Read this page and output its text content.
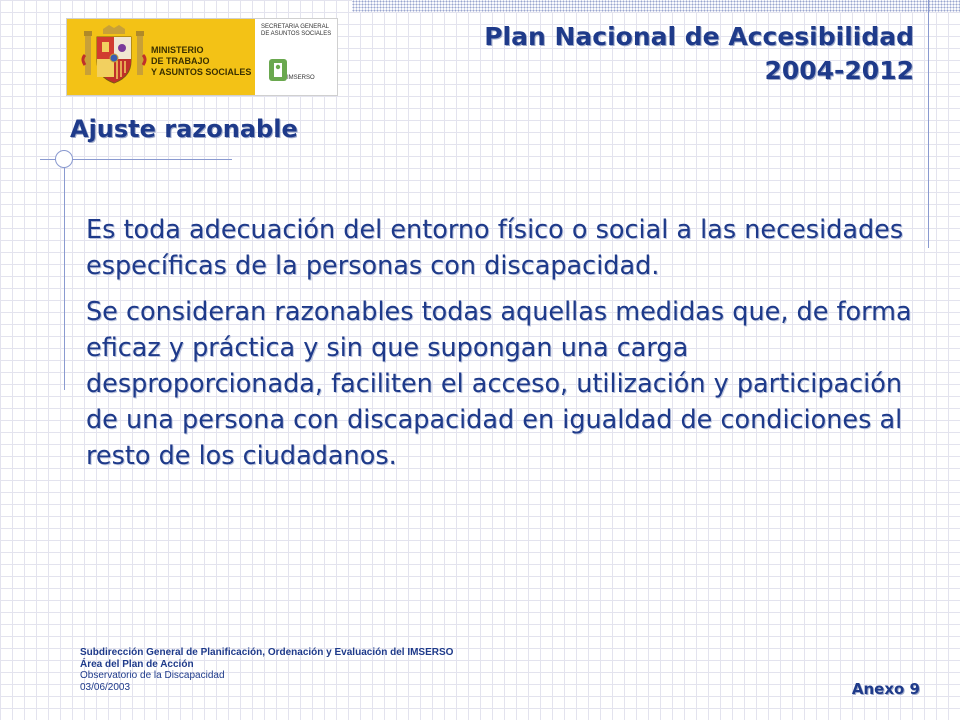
MINISTERIO
DE TRABAJO
Y ASUNTOS SOCIALES
SECRETARIA GENERAL
DE ASUNTOS SOCIALES
IMSERSO
Plan Nacional de Accesibilidad
2004-2012
Ajuste razonable

Es toda adecuación del entorno físico o social a las necesidades específicas de la personas con discapacidad.

Se consideran razonables todas aquellas medidas que, de forma eficaz y práctica y sin que supongan una carga desproporcionada, faciliten el acceso, utilización y participación de una persona con discapacidad en igualdad de condiciones al resto de los ciudadanos.

Subdirección General de Planificación, Ordenación y Evaluación del IMSERSO
Área del Plan de Acción
Observatorio de la Discapacidad
03/06/2003	Anexo 9
